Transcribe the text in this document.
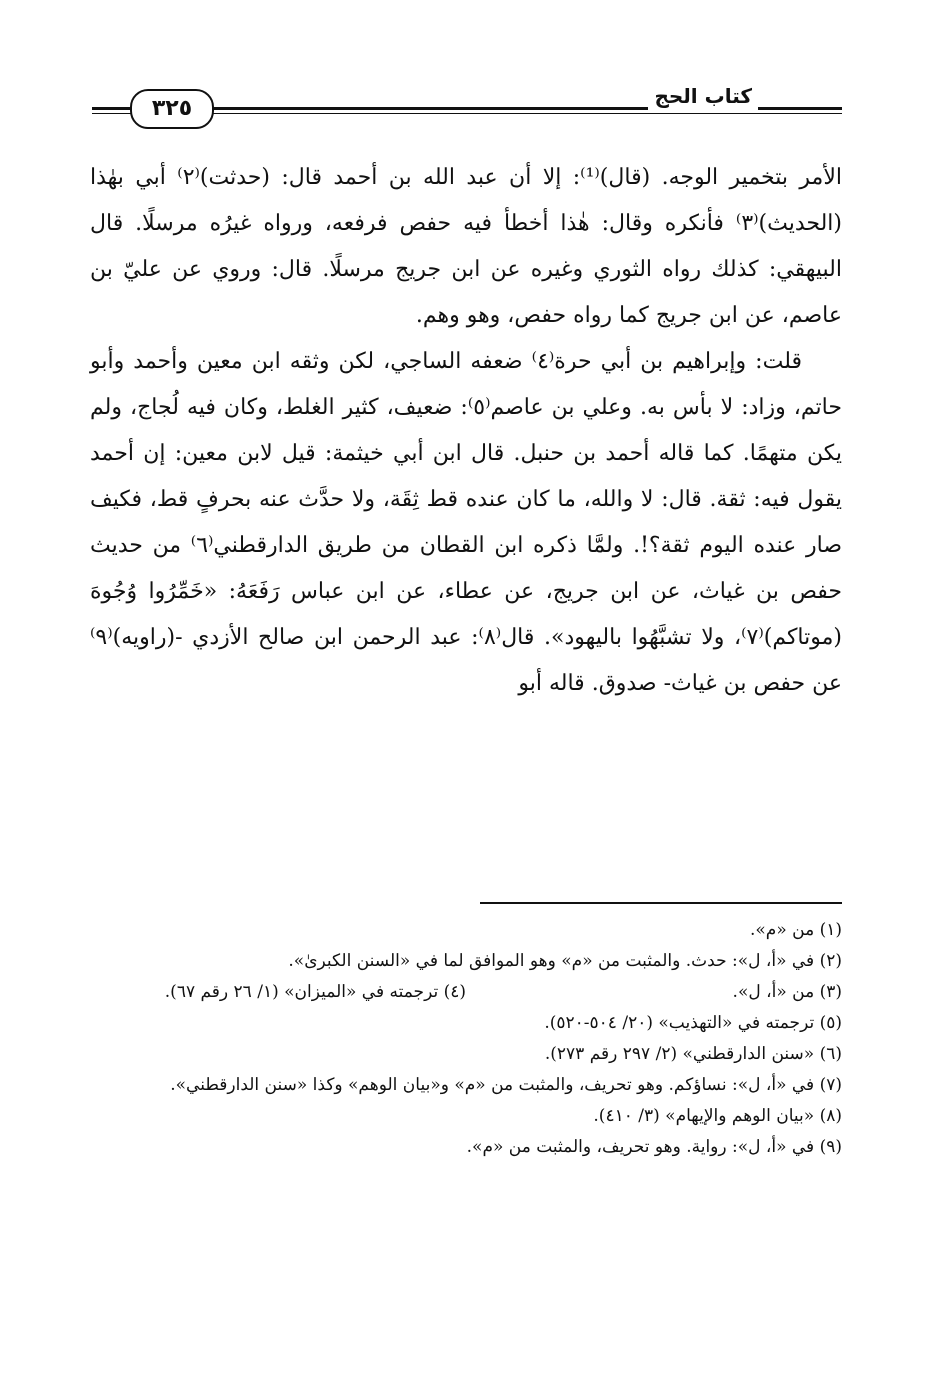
٣٢٥	كتاب الحج

الأمر بتخمير الوجه. (قال)⁽¹⁾: إلا أن عبد الله بن أحمد قال: (حدثت)⁽٢⁾ أبي بهٰذا (الحديث)⁽٣⁾ فأنكره وقال: هٰذا أخطأ فيه حفص فرفعه، ورواه غيرُه مرسلًا. قال البيهقي: كذلك رواه الثوري وغيره عن ابن جريج مرسلًا. قال: وروي عن عليّ بن عاصم، عن ابن جريج كما رواه حفص، وهو وهم.

قلت: وإبراهيم بن أبي حرة⁽٤⁾ ضعفه الساجي، لكن وثقه ابن معين وأحمد وأبو حاتم، وزاد: لا بأس به. وعلي بن عاصم⁽٥⁾: ضعيف، كثير الغلط، وكان فيه لُجاج، ولم يكن متهمًا. كما قاله أحمد بن حنبل. قال ابن أبي خيثمة: قيل لابن معين: إن أحمد يقول فيه: ثقة. قال: لا والله، ما كان عنده قط ثِقَة، ولا حدَّث عنه بحرفٍ قط، فكيف صار عنده اليوم ثقة؟!. ولمَّا ذكره ابن القطان من طريق الدارقطني⁽٦⁾ من حديث حفص بن غياث، عن ابن جريج، عن عطاء، عن ابن عباس رَفَعَهُ: «خَمِّرُوا وُجُوهَ (موتاكم)⁽٧⁾، ولا تشبَّهُوا باليهود». قال⁽٨⁾: عبد الرحمن ابن صالح الأزدي -(راويه)⁽٩⁾ عن حفص بن غياث- صدوق. قاله أبو

(١) من «م».

(٢) في «أ، ل»: حدث. والمثبت من «م» وهو الموافق لما في «السنن الكبرىٰ».

(٣) من «أ، ل».

(٤) ترجمته في «الميزان» (١/ ٢٦ رقم ٦٧).

(٥) ترجمته في «التهذيب» (٢٠/ ٥٠٤-٥٢٠).

(٦) «سنن الدارقطني» (٢/ ٢٩٧ رقم ٢٧٣).

(٧) في «أ، ل»: نساؤكم. وهو تحريف، والمثبت من «م» و«بيان الوهم» وكذا «سنن الدارقطني».

(٨) «بيان الوهم والإيهام» (٣/ ٤١٠).

(٩) في «أ، ل»: رواية. وهو تحريف، والمثبت من «م».
